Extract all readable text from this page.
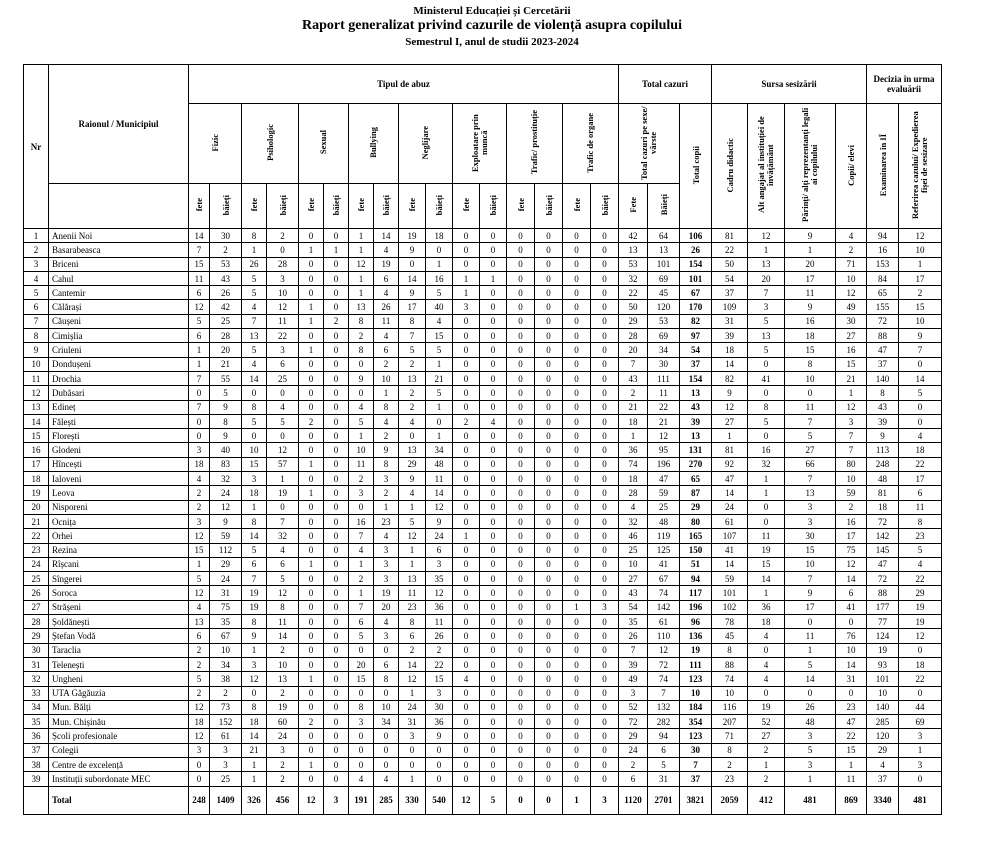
Ministerul Educației și Cercetării
Raport generalizat privind cazurile de violență asupra copilului
Semestrul I, anul de studii 2023-2024
Nr	Raionul / Municipiul	Tipul de abuz																Total cazuri			Sursa sesizării				Decizia în urma evaluării	
		Fizic		Psihologic		Sexual		Bullying		Neglijare		Exploatare prin muncă		Trafic/ prostituție		Trafic de organe		Total cazuri pe sexe/ vârste		Total copii	Cadru didactic	Alt angajat al instituției de învățământ	Părinți/ alți reprezentanți legali ai copilului	Copii/ elevi	Examinarea în IÎ	Referirea cazului/ Expedierea fișei de sesizare
		fete	băieți	fete	băieți	fete	băieți	fete	băieți	fete	băieți	fete	băieți	fete	băieți	fete	băieți	Fete	Băieți							
1	Anenii Noi	14	30	8	2	0	0	1	14	19	18	0	0	0	0	0	0	42	64	106	81	12	9	4	94	12
2	Basarabeasca	7	2	1	0	1	1	1	4	9	0	0	0	0	0	0	0	13	13	26	22	1	1	2	16	10
3	Briceni	15	53	26	28	0	0	12	19	0	1	0	0	0	0	0	0	53	101	154	50	13	20	71	153	1
4	Cahul	11	43	5	3	0	0	1	6	14	16	1	1	0	0	0	0	32	69	101	54	20	17	10	84	17
5	Cantemir	6	26	5	10	0	0	1	4	9	5	1	0	0	0	0	0	22	45	67	37	7	11	12	65	2
6	Călărași	12	42	4	12	1	0	13	26	17	40	3	0	0	0	0	0	50	120	170	109	3	9	49	155	15
7	Căușeni	5	25	7	11	1	2	8	11	8	4	0	0	0	0	0	0	29	53	82	31	5	16	30	72	10
8	Cimișlia	6	28	13	22	0	0	2	4	7	15	0	0	0	0	0	0	28	69	97	39	13	18	27	88	9
9	Criuleni	1	20	5	3	1	0	8	6	5	5	0	0	0	0	0	0	20	34	54	18	5	15	16	47	7
10	Dondușeni	1	21	4	6	0	0	0	2	2	1	0	0	0	0	0	0	7	30	37	14	0	8	15	37	0
11	Drochia	7	55	14	25	0	0	9	10	13	21	0	0	0	0	0	0	43	111	154	82	41	10	21	140	14
12	Dubăsari	0	5	0	0	0	0	0	1	2	5	0	0	0	0	0	0	2	11	13	9	0	0	1	8	5
13	Edineț	7	9	8	4	0	0	4	8	2	1	0	0	0	0	0	0	21	22	43	12	8	11	12	43	0
14	Fălești	0	8	5	5	2	0	5	4	4	0	2	4	0	0	0	0	18	21	39	27	5	7	3	39	0
15	Florești	0	9	0	0	0	0	1	2	0	1	0	0	0	0	0	0	1	12	13	1	0	5	7	9	4
16	Glodeni	3	40	10	12	0	0	10	9	13	34	0	0	0	0	0	0	36	95	131	81	16	27	7	113	18
17	Hîncești	18	83	15	57	1	0	11	8	29	48	0	0	0	0	0	0	74	196	270	92	32	66	80	248	22
18	Ialoveni	4	32	3	1	0	0	2	3	9	11	0	0	0	0	0	0	18	47	65	47	1	7	10	48	17
19	Leova	2	24	18	19	1	0	3	2	4	14	0	0	0	0	0	0	28	59	87	14	1	13	59	81	6
20	Nisporeni	2	12	1	0	0	0	0	1	1	12	0	0	0	0	0	0	4	25	29	24	0	3	2	18	11
21	Ocnița	3	9	8	7	0	0	16	23	5	9	0	0	0	0	0	0	32	48	80	61	0	3	16	72	8
22	Orhei	12	59	14	32	0	0	7	4	12	24	1	0	0	0	0	0	46	119	165	107	11	30	17	142	23
23	Rezina	15	112	5	4	0	0	4	3	1	6	0	0	0	0	0	0	25	125	150	41	19	15	75	145	5
24	Rîșcani	1	29	6	6	1	0	1	3	1	3	0	0	0	0	0	0	10	41	51	14	15	10	12	47	4
25	Sîngerei	5	24	7	5	0	0	2	3	13	35	0	0	0	0	0	0	27	67	94	59	14	7	14	72	22
26	Soroca	12	31	19	12	0	0	1	19	11	12	0	0	0	0	0	0	43	74	117	101	1	9	6	88	29
27	Strășeni	4	75	19	8	0	0	7	20	23	36	0	0	0	0	1	3	54	142	196	102	36	17	41	177	19
28	Șoldănești	13	35	8	11	0	0	6	4	8	11	0	0	0	0	0	0	35	61	96	78	18	0	0	77	19
29	Ștefan Vodă	6	67	9	14	0	0	5	3	6	26	0	0	0	0	0	0	26	110	136	45	4	11	76	124	12
30	Taraclia	2	10	1	2	0	0	0	0	2	2	0	0	0	0	0	0	7	12	19	8	0	1	10	19	0
31	Telenești	2	34	3	10	0	0	20	6	14	22	0	0	0	0	0	0	39	72	111	88	4	5	14	93	18
32	Ungheni	5	38	12	13	1	0	15	8	12	15	4	0	0	0	0	0	49	74	123	74	4	14	31	101	22
33	UTA Găgăuzia	2	2	0	2	0	0	0	0	1	3	0	0	0	0	0	0	3	7	10	10	0	0	0	10	0
34	Mun. Bălți	12	73	8	19	0	0	8	10	24	30	0	0	0	0	0	0	52	132	184	116	19	26	23	140	44
35	Mun. Chișinău	18	152	18	60	2	0	3	34	31	36	0	0	0	0	0	0	72	282	354	207	52	48	47	285	69
36	Școli profesionale	12	61	14	24	0	0	0	0	3	9	0	0	0	0	0	0	29	94	123	71	27	3	22	120	3
37	Colegii	3	3	21	3	0	0	0	0	0	0	0	0	0	0	0	0	24	6	30	8	2	5	15	29	1
38	Centre de excelență	0	3	1	2	1	0	0	0	0	0	0	0	0	0	0	0	2	5	7	2	1	3	1	4	3
39	Instituții subordonate MEC	0	25	1	2	0	0	4	4	1	0	0	0	0	0	0	0	6	31	37	23	2	1	11	37	0
	Total	248	1409	326	456	12	3	191	285	330	540	12	5	0	0	1	3	1120	2701	3821	2059	412	481	869	3340	481
